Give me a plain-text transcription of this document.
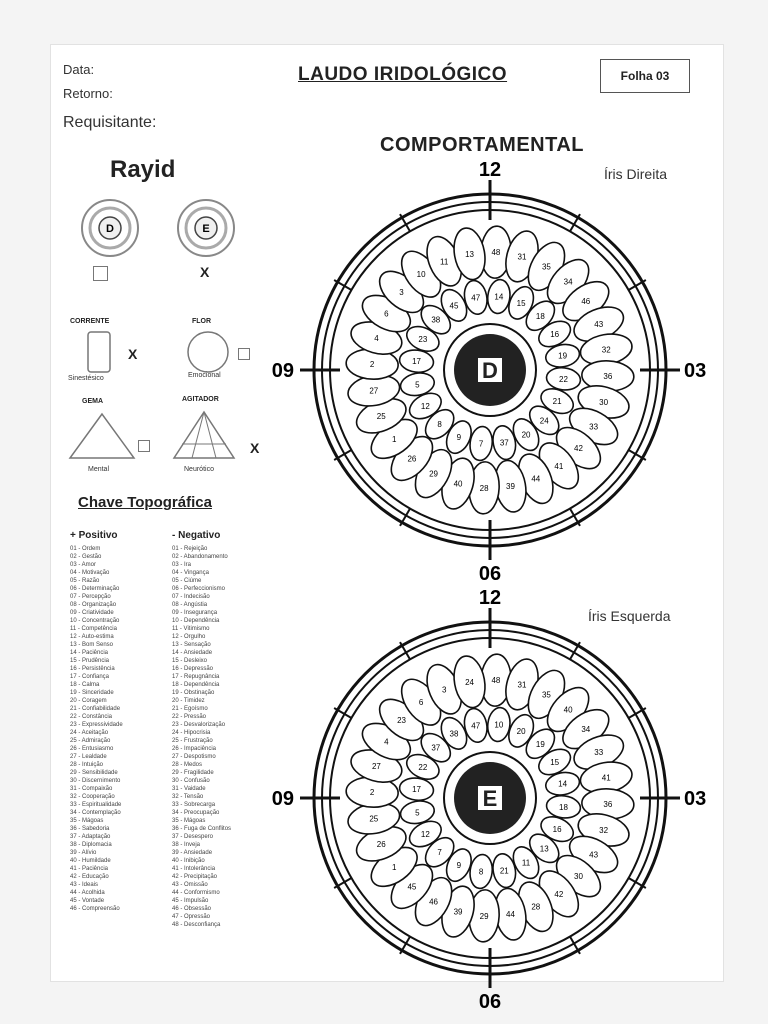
Data:
Retorno:
Requisitante:
LAUDO IRIDOLÓGICO	Folha 03
COMPORTAMENTAL
Rayid
D	E
X
CORRENTE	FLOR
X
Sinestésico	Emocional
GEMA	AGITADOR
X
Mental	Neurótico
Chave Topográfica
+ Positivo	- Negativo
01 - Ordem
02 - Gestão
03 - Amor
04 - Motivação
05 - Razão
06 - Determinação
07 - Percepção
08 - Organização
09 - Criatividade
10 - Concentração
11 - Competência
12 - Auto-estima
13 - Bom Senso
14 - Paciência
15 - Prudência
16 - Persistência
17 - Confiança
18 - Calma
19 - Sinceridade
20 - Coragem
21 - Confiabilidade
22 - Constância
23 - Expressividade
24 - Aceitação
25 - Admiração
26 - Entusiasmo
27 - Lealdade
28 - Intuição
29 - Sensibilidade
30 - Discernimento
31 - Compaixão
32 - Cooperação
33 - Espiritualidade
34 - Contemplação
35 - Mágoas
36 - Sabedoria
37 - Adaptação
38 - Diplomacia
39 - Alívio
40 - Humildade
41 - Paciência
42 - Educação
43 - Ideais
44 - Acolhida
45 - Vontade
46 - Compreensão
01 - Rejeição
02 - Abandonamento
03 - Ira
04 - Vingança
05 - Ciúme
06 - Perfeccionismo
07 - Indecisão
08 - Angústia
09 - Insegurança
10 - Dependência
11 - Vitimismo
12 - Orgulho
13 - Sensação
14 - Ansiedade
15 - Desleixo
16 - Depressão
17 - Repugnância
18 - Dependência
19 - Obstinação
20 - Timidez
21 - Egoísmo
22 - Pressão
23 - Desvalorização
24 - Hipocrisia
25 - Frustração
26 - Impaciência
27 - Despotismo
28 - Medos
29 - Fragilidade
30 - Confusão
31 - Vaidade
32 - Tensão
33 - Sobrecarga
34 - Preocupação
35 - Mágoas
36 - Fuga de Conflitos
37 - Desespero
38 - Inveja
39 - Ansiedade
40 - Inibição
41 - Intolerância
42 - Precipitação
43 - Omissão
44 - Conformismo
45 - Impulsão
46 - Obsessão
47 - Opressão
48 - Desconfiança
Íris Direita
Íris Esquerda
12
06
09	03
48 31
35
34
46
43
32
36
30
33
42
41
44
39
28
40
29
26
1
25
27
2
4
6
3
10
11
13
14
15
18
16
19
22
21
24
20
37
7
9
8
12
5
17
23
38
45
47
D
12
06
09	03
48 31
35
40
34
33
41
36
32
43
30
42
28
44
29
39
46
45
1
26
25
2
27
4
23
6
3
24
10
20
19
15
14
18
16
13
11
21
8
9
7
12
5
17
22
37
38
47
E
